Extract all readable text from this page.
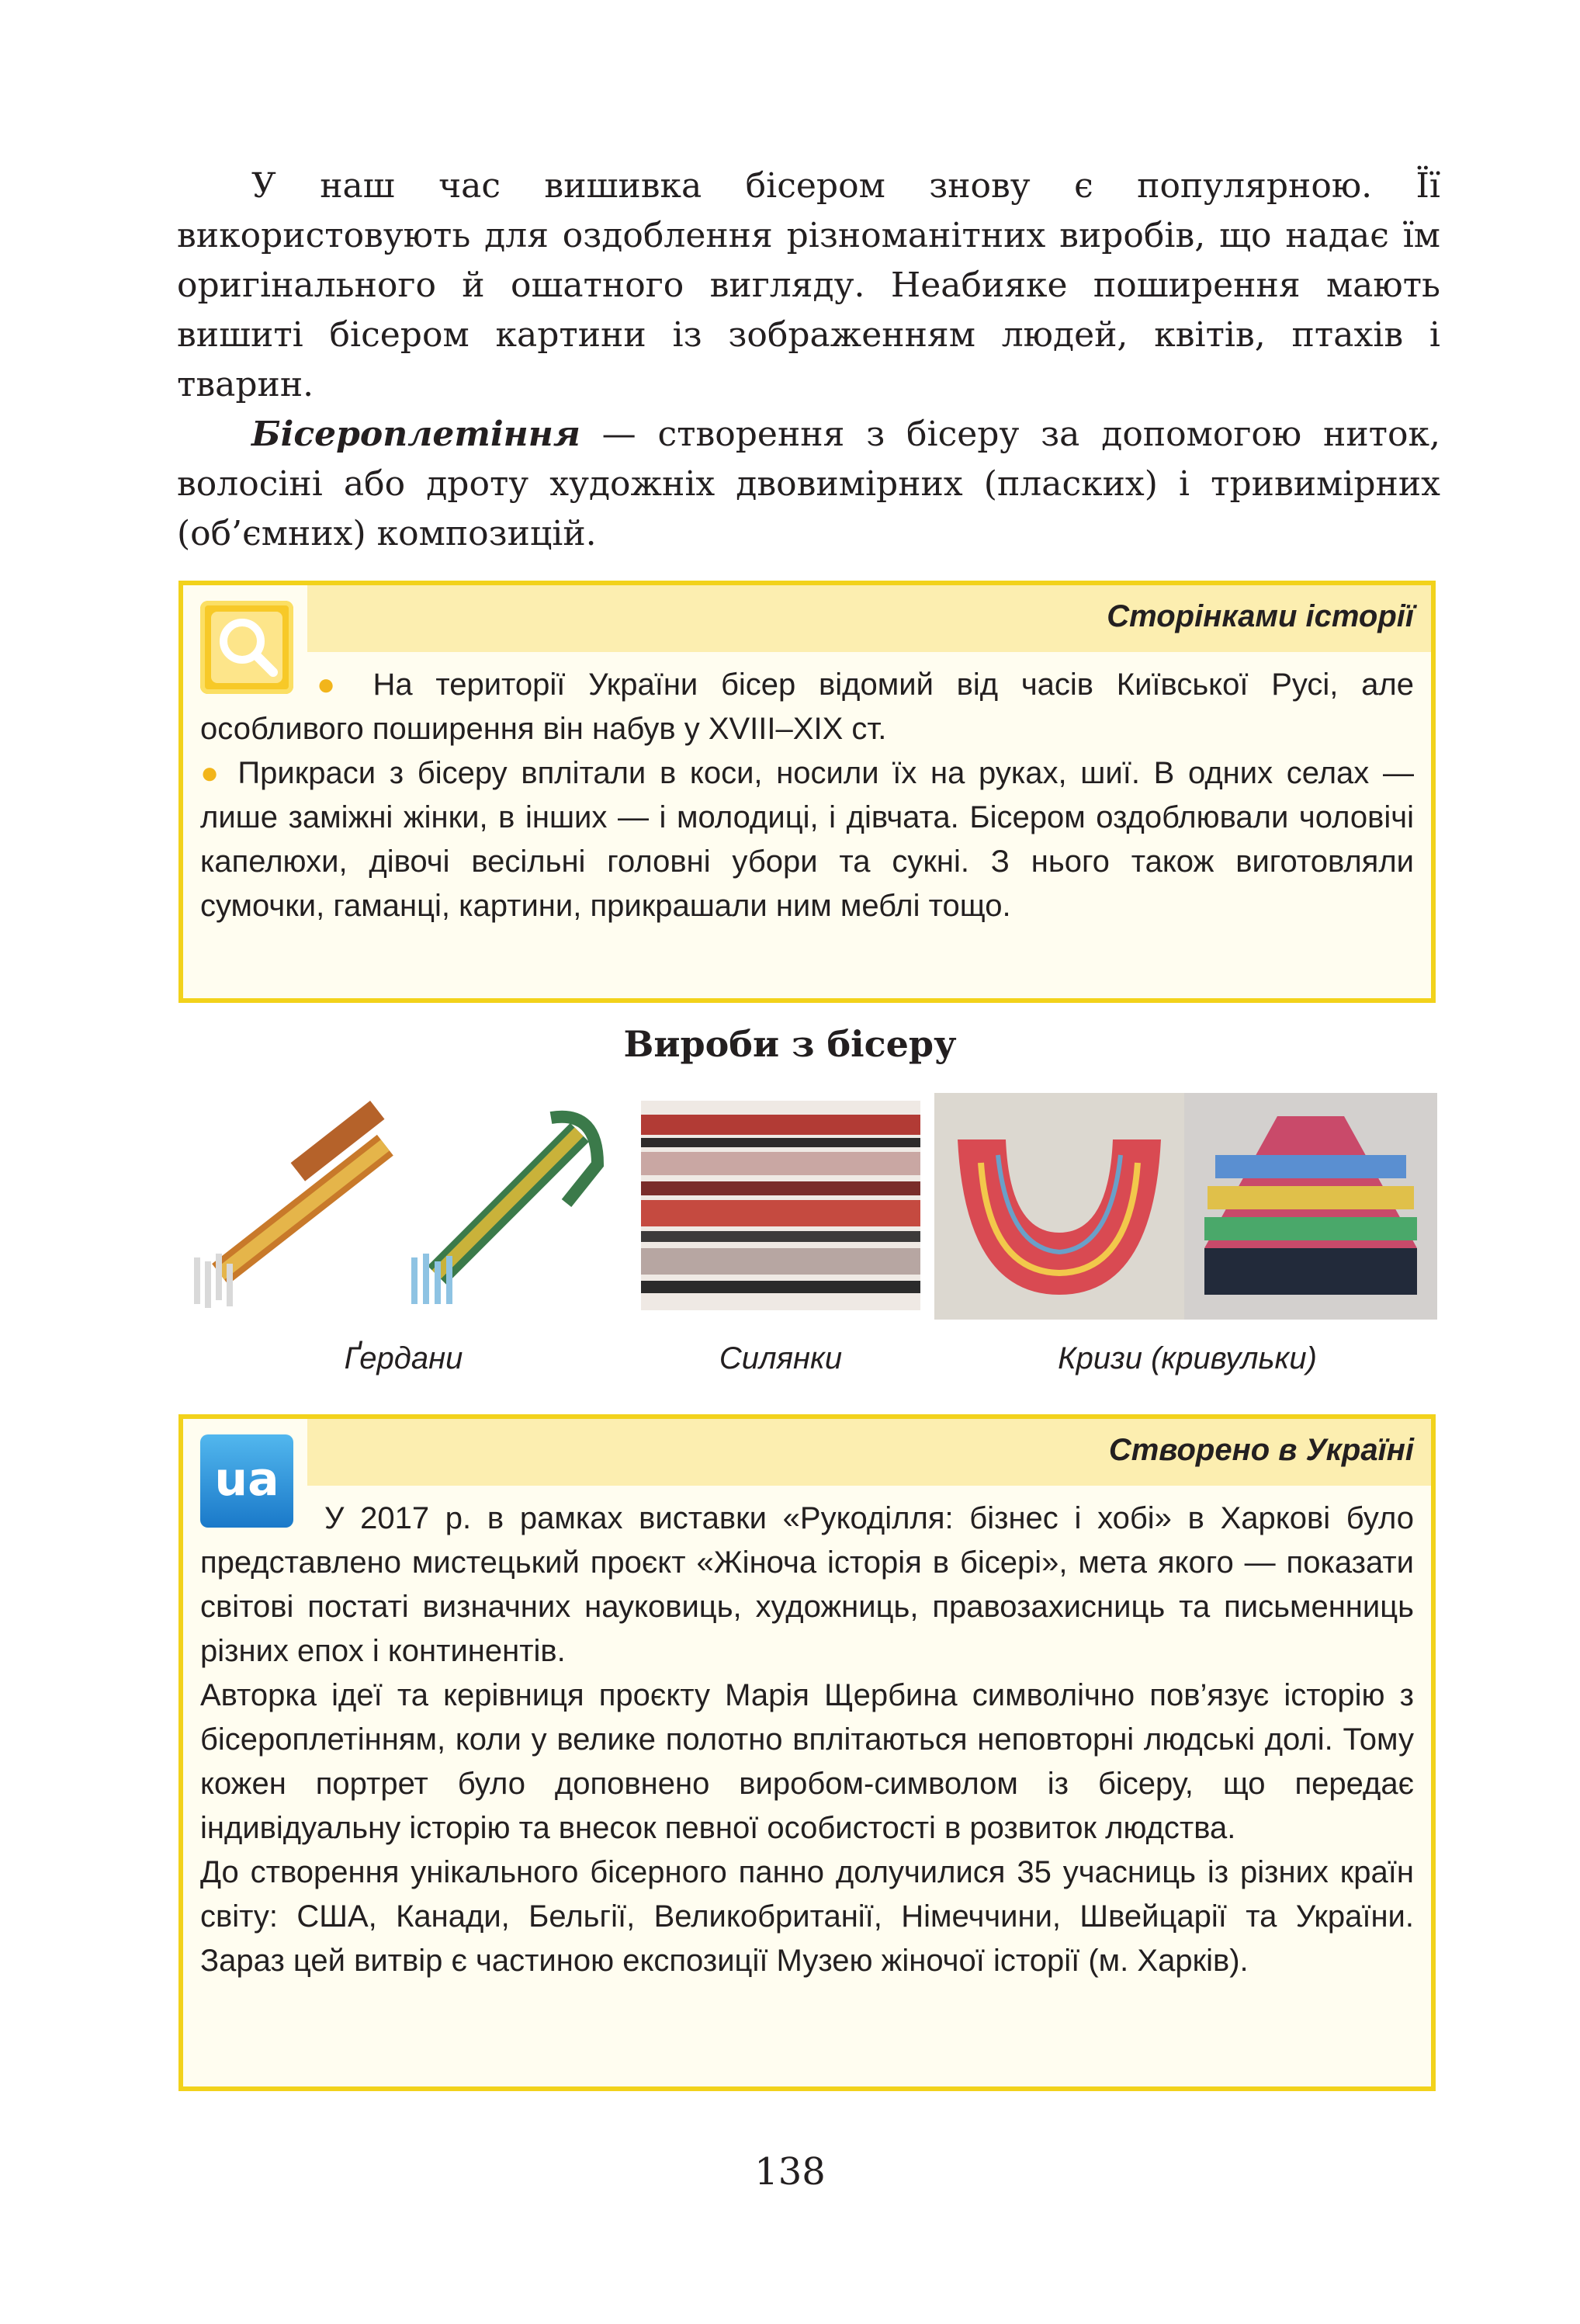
У наш час вишивка бісером знову є популярною. Її використовують для оздоблення різноманітних виробів, що надає їм оригінального й ошатного вигляду. Неабияке поширення мають вишиті бісером картини із зображенням людей, квітів, птахів і тварин.

Бісероплетіння — створення з бісеру за допомогою ниток, волосіні або дроту художніх двовимірних (пласких) і тривимірних (об’ємних) композицій.

Сторінками історії

● На території України бісер відомий від часів Київської Русі, але особливого поширення він набув у XVIII–XIX ст.

● Прикраси з бісеру вплітали в коси, носили їх на руках, шиї. В одних селах — лише заміжні жінки, в інших — і молодиці, і дівчата. Бісером оздоблювали чоловічі капелюхи, дівочі весільні головні убори та сукні. З нього також виготовляли сумочки, гаманці, картини, прикрашали ним меблі тощо.

Вироби з бісеру
Ґердани	Силянки	Кризи (кривульки)
Створено в Україні
ua

У 2017 р. в рамках виставки «Рукоділля: бізнес і хобі» в Харкові було представлено мистецький проєкт «Жіноча історія в бісері», мета якого — показати світові постаті визначних науковиць, художниць, правозахисниць та письменниць різних епох і континентів.

Авторка ідеї та керівниця проєкту Марія Щербина символічно пов’язує історію з бісероплетінням, коли у велике полотно вплітаються неповторні людські долі. Тому кожен портрет було доповнено виробом-символом із бісеру, що передає індивідуальну історію та внесок певної особистості в розвиток людства.

До створення унікального бісерного панно долучилися 35 учасниць із різних країн світу: США, Канади, Бельгії, Великобританії, Німеччини, Швейцарії та України. Зараз цей витвір є частиною експозиції Музею жіночої історії (м. Харків).

138
